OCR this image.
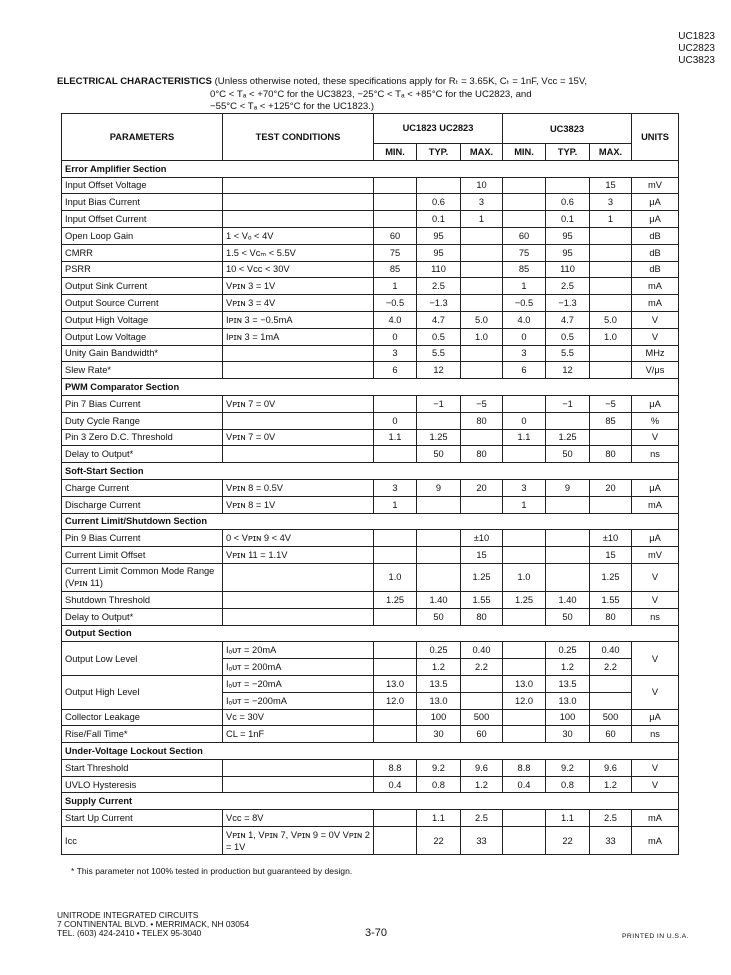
UC1823
UC2823
UC3823
ELECTRICAL CHARACTERISTICS (Unless otherwise noted, these specifications apply for Rₜ = 3.65K, Cₜ = 1nF, Vᴄᴄ = 15V,
0°C < Tₐ < +70°C for the UC3823, −25°C < Tₐ < +85°C for the UC2823, and
−55°C < Tₐ < +125°C for the UC1823.)
PARAMETERS	TEST CONDITIONS	UC1823 UC2823			UC3823			UNITS
		MIN.	TYP.	MAX.	MIN.	TYP.	MAX.	
Error Amplifier Section								
Input Offset Voltage				10			15	mV
Input Bias Current			0.6	3		0.6	3	μA
Input Offset Current			0.1	1		0.1	1	μA
Open Loop Gain	1 < Vₒ < 4V	60	95		60	95		dB
CMRR	1.5 < Vᴄₘ < 5.5V	75	95		75	95		dB
PSRR	10 < Vᴄᴄ < 30V	85	110		85	110		dB
Output Sink Current	Vᴘɪɴ 3 = 1V	1	2.5		1	2.5		mA
Output Source Current	Vᴘɪɴ 3 = 4V	−0.5	−1.3		−0.5	−1.3		mA
Output High Voltage	Iᴘɪɴ 3 = −0.5mA	4.0	4.7	5.0	4.0	4.7	5.0	V
Output Low Voltage	Iᴘɪɴ 3 = 1mA	0	0.5	1.0	0	0.5	1.0	V
Unity Gain Bandwidth*		3	5.5		3	5.5		MHz
Slew Rate*		6	12		6	12		V/μs
PWM Comparator Section								
Pin 7 Bias Current	Vᴘɪɴ 7 = 0V		−1	−5		−1	−5	μA
Duty Cycle Range		0		80	0		85	%
Pin 3 Zero D.C. Threshold	Vᴘɪɴ 7 = 0V	1.1	1.25		1.1	1.25		V
Delay to Output*			50	80		50	80	ns
Soft-Start Section								
Charge Current	Vᴘɪɴ 8 = 0.5V	3	9	20	3	9	20	μA
Discharge Current	Vᴘɪɴ 8 = 1V	1			1			mA
Current Limit/Shutdown Section								
Pin 9 Bias Current	0 < Vᴘɪɴ 9 < 4V			±10			±10	μA
Current Limit Offset	Vᴘɪɴ 11 = 1.1V			15			15	mV
Current Limit Common Mode Range (Vᴘɪɴ 11)		1.0		1.25	1.0		1.25	V
Shutdown Threshold		1.25	1.40	1.55	1.25	1.40	1.55	V
Delay to Output*			50	80		50	80	ns
Output Section								
Output Low Level	Iₒᴜᴛ = 20mA		0.25	0.40		0.25	0.40	V
	Iₒᴜᴛ = 200mA		1.2	2.2		1.2	2.2	
Output High Level	Iₒᴜᴛ = −20mA	13.0	13.5		13.0	13.5		V
	Iₒᴜᴛ = −200mA	12.0	13.0		12.0	13.0		
Collector Leakage	Vᴄ = 30V		100	500		100	500	μA
Rise/Fall Time*	CL = 1nF		30	60		30	60	ns
Under-Voltage Lockout Section								
Start Threshold		8.8	9.2	9.6	8.8	9.2	9.6	V
UVLO Hysteresis		0.4	0.8	1.2	0.4	0.8	1.2	V
Supply Current								
Start Up Current	Vᴄᴄ = 8V		1.1	2.5		1.1	2.5	mA
Iᴄᴄ	Vᴘɪɴ 1, Vᴘɪɴ 7, Vᴘɪɴ 9 = 0V Vᴘɪɴ 2 = 1V		22	33		22	33	mA
* This parameter not 100% tested in production but guaranteed by design.
UNITRODE INTEGRATED CIRCUITS
7 CONTINENTAL BLVD. • MERRIMACK, NH 03054
TEL. (603) 424-2410 • TELEX 95-3040	3-70	PRINTED IN U.S.A.
